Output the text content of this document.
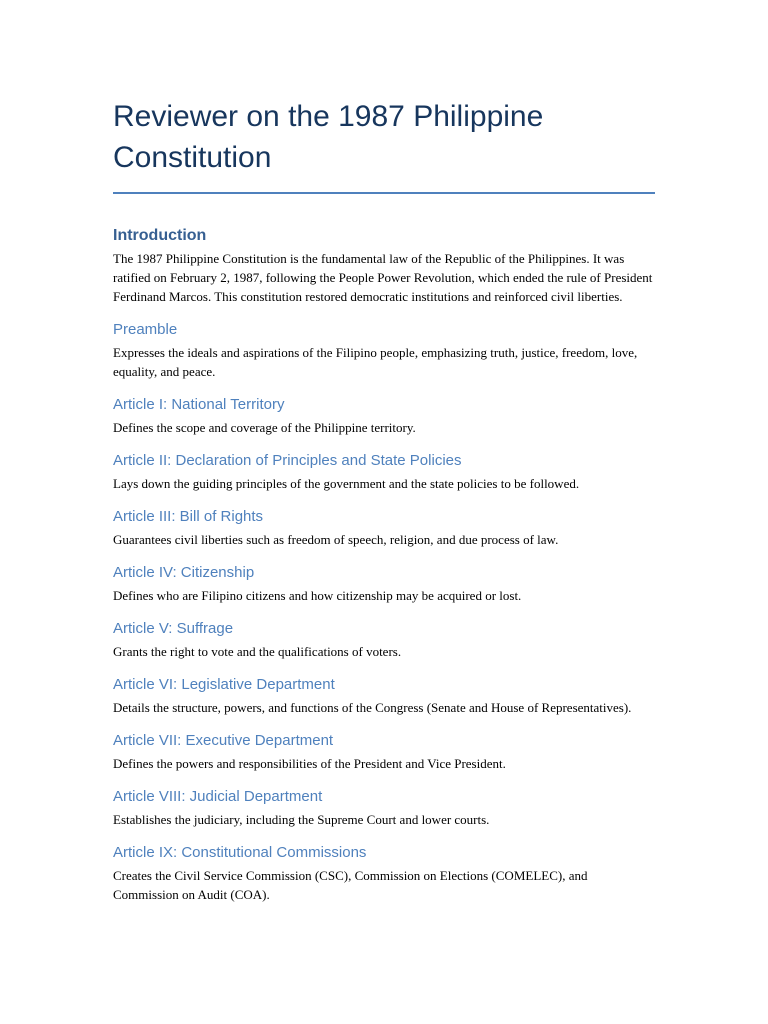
Reviewer on the 1987 Philippine Constitution
Introduction

The 1987 Philippine Constitution is the fundamental law of the Republic of the Philippines. It was ratified on February 2, 1987, following the People Power Revolution, which ended the rule of President Ferdinand Marcos. This constitution restored democratic institutions and reinforced civil liberties.

Preamble

Expresses the ideals and aspirations of the Filipino people, emphasizing truth, justice, freedom, love, equality, and peace.

Article I: National Territory

Defines the scope and coverage of the Philippine territory.

Article II: Declaration of Principles and State Policies

Lays down the guiding principles of the government and the state policies to be followed.

Article III: Bill of Rights

Guarantees civil liberties such as freedom of speech, religion, and due process of law.

Article IV: Citizenship

Defines who are Filipino citizens and how citizenship may be acquired or lost.

Article V: Suffrage

Grants the right to vote and the qualifications of voters.

Article VI: Legislative Department

Details the structure, powers, and functions of the Congress (Senate and House of Representatives).

Article VII: Executive Department

Defines the powers and responsibilities of the President and Vice President.

Article VIII: Judicial Department

Establishes the judiciary, including the Supreme Court and lower courts.

Article IX: Constitutional Commissions

Creates the Civil Service Commission (CSC), Commission on Elections (COMELEC), and Commission on Audit (COA).
